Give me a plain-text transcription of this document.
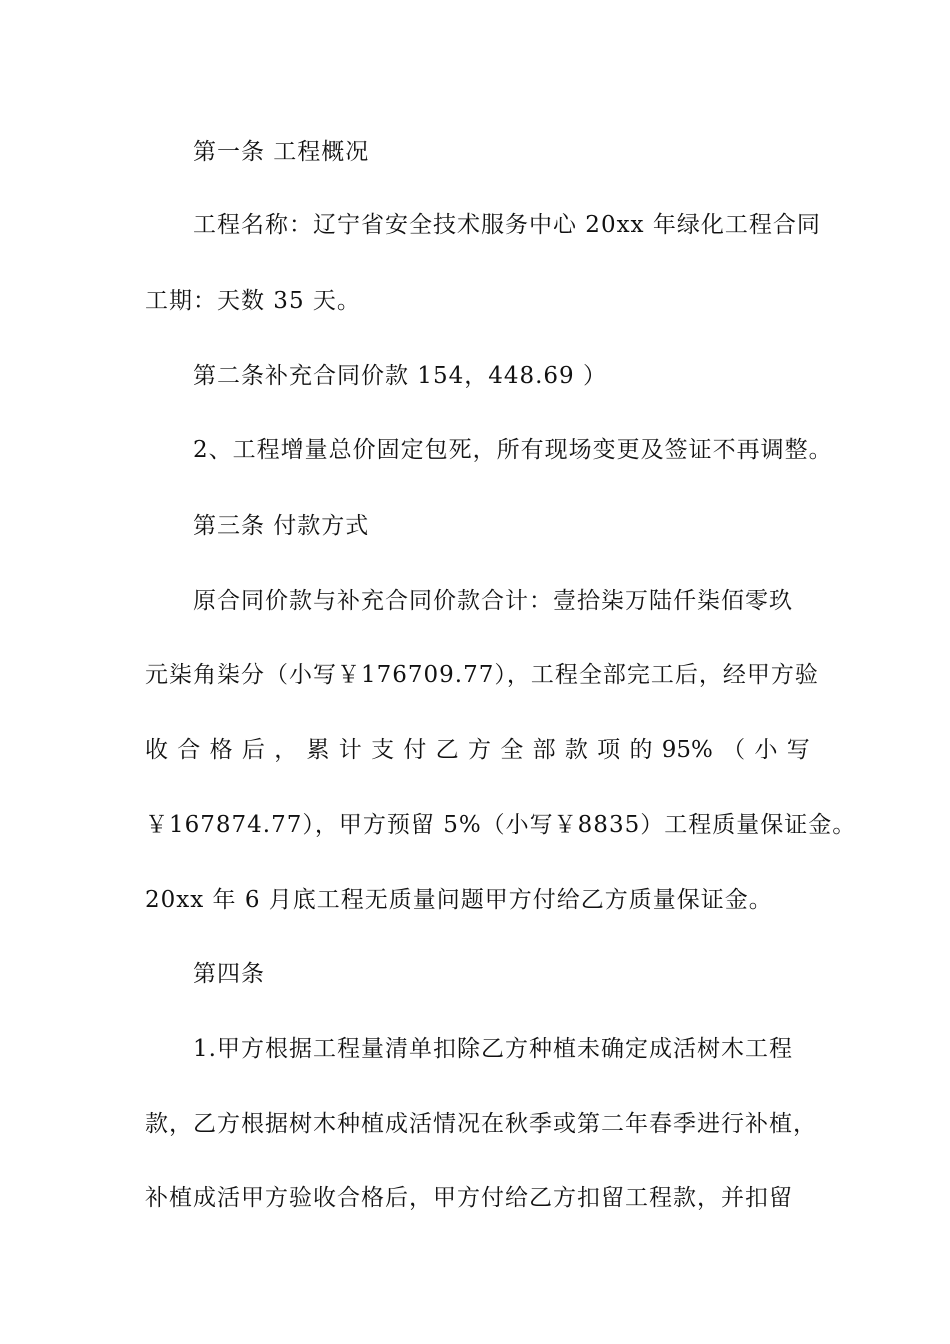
第一条 工程概况
工程名称：辽宁省安全技术服务中心 20xx 年绿化工程合同
工期：天数 35 天。
第二条补充合同价款 154，448.69 ）
2、工程增量总价固定包死，所有现场变更及签证不再调整。
第三条 付款方式
原合同价款与补充合同价款合计：壹拾柒万陆仟柒佰零玖
元柒角柒分（小写￥176709.77），工程全部完工后，经甲方验
收 合 格 后 ， 累 计 支 付 乙 方 全 部 款 项 的 95% （ 小 写
￥167874.77），甲方预留 5%（小写￥8835）工程质量保证金。
20xx 年 6 月底工程无质量问题甲方付给乙方质量保证金。
第四条
1.甲方根据工程量清单扣除乙方种植未确定成活树木工程
款，乙方根据树木种植成活情况在秋季或第二年春季进行补植，
补植成活甲方验收合格后，甲方付给乙方扣留工程款，并扣留
